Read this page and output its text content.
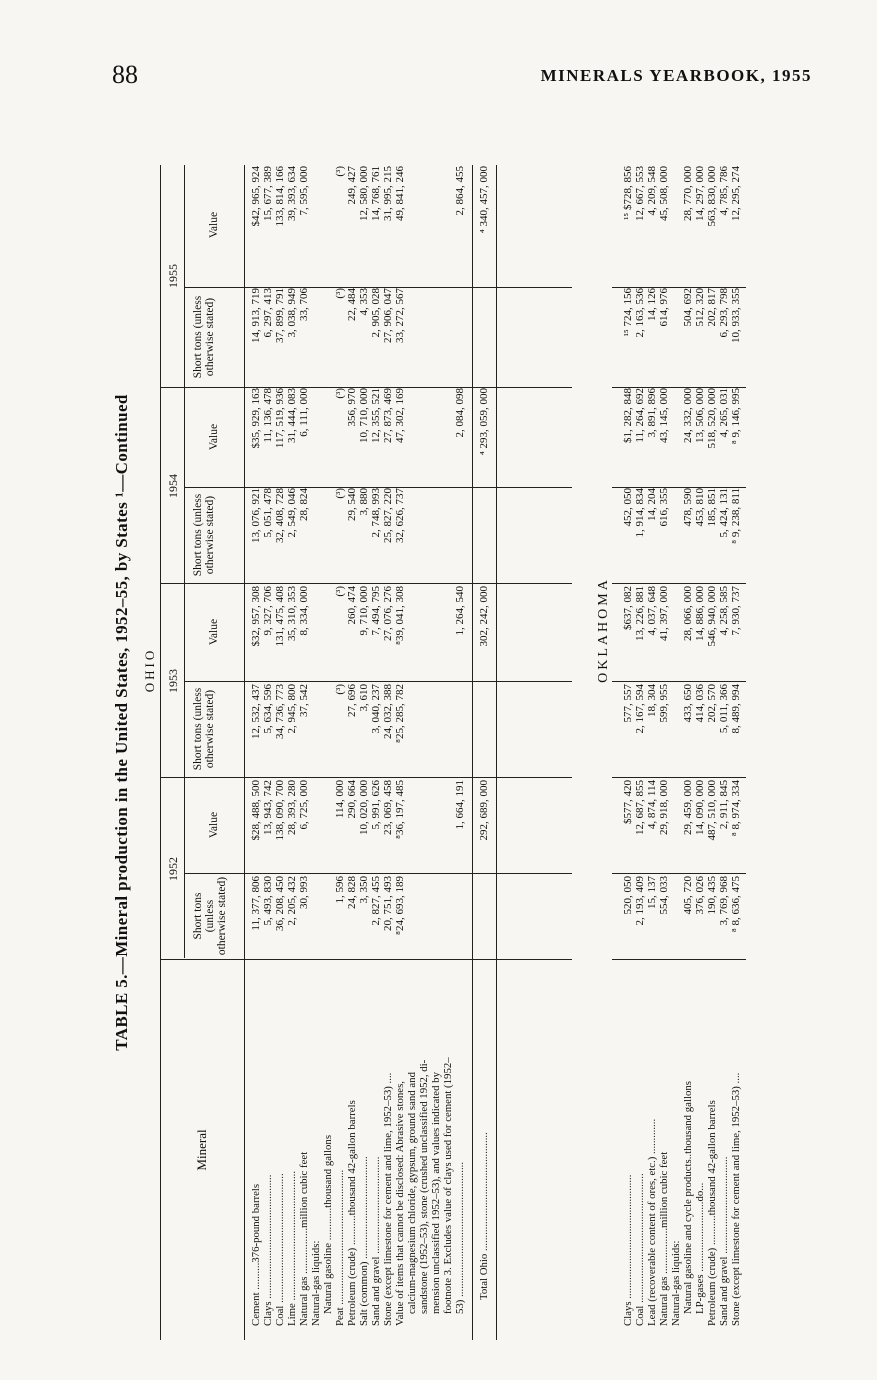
88	MINERALS YEARBOOK, 1955
TABLE 5.—Mineral production in the United States, 1952–55, by States ¹—Continued OHIO
Mineral
1952
1953
1954
1955
Short tons (unless otherwise stated)
Value
Short tons (unless otherwise stated)
Value
Short tons (unless otherwise stated)
Value
Short tons (unless otherwise stated)
Value
Cement ..........376-pound barrels
11, 377, 806
$28, 488, 500
12, 532, 437
$32, 957, 308
13, 076, 921
$35, 929, 163
14, 913, 719
$42, 965, 924
Clays ..............................................
5, 493, 830
13, 943, 742
5, 634, 596
9, 327, 706
5, 051, 478
11, 136, 478
6, 297, 413
15, 677, 389
Coal ................................................
36, 208, 450
138, 090, 700
34, 736, 773
131, 475, 408
32, 408, 728
117, 519, 936
37, 899, 791
133, 814, 166
Lime ................................................
2, 205, 432
28, 393, 280
2, 945, 800
35, 310, 353
2, 549, 046
31, 444, 083
3, 038, 949
39, 393, 634
Natural gas .................million cubic feet
30, 993
6, 725, 000
37, 542
8, 334, 000
28, 824
6, 111, 000
33, 706
7, 595, 000
Natural-gas liquids: Natural gasoline ............thousand gallons Peat ..................................................
1, 596
114, 000
(³)
(³)
(³)
(³)
(³)
(³)
Petroleum (crude) ...........thousand 42-gallon barrels
24, 828
290, 664
27, 696
260, 474
29, 540
356, 970
22, 484
249, 427
Salt (common) ......................................
3, 350
10, 020, 000
3, 610
9, 710, 000
3, 880
10, 710, 000
4, 353
12, 580, 000
Sand and gravel ....................................
2, 827, 455
5, 991, 626
3, 040, 237
7, 494, 795
2, 748, 993
12, 355, 521
2, 905, 028
14, 768, 761
Stone (except limestone for cement and lime, 1952–53) ....
20, 751, 493
23, 069, 458
24, 032, 388
27, 076, 276
25, 827, 220
27, 873, 469
27, 906, 047
31, 995, 215
Value of items that cannot be disclosed: Abrasive stones,
⁸24, 693, 189
⁸36, 197, 485
⁸25, 285, 782
⁸39, 041, 308
32, 626, 737
47, 302, 169
33, 272, 567
49, 841, 246
calcium-magnesium chloride, gypsum, ground sand and sandstone (1952–53), stone (crushed unclassified 1952, di- mension unclassified 1952–53), and values indicated by footnote 3. Excludes value of clays used for cement (1952– 53) ..................................................
1, 664, 191
1, 264, 540
2, 084, 098
2, 864, 455
Total Ohio ............................................
292, 689, 000
302, 242, 000
⁴ 293, 059, 000
⁴ 340, 457, 000
OKLAHOMA
Clays ..............................................
520, 050
$577, 420
577, 557
$637, 082
452, 050
$1, 282, 848
¹⁵ 724, 156
¹⁵ $728, 856
Coal ................................................
2, 193, 409
12, 687, 855
2, 167, 594
13, 226, 881
1, 914, 834
11, 264, 692
2, 163, 536
12, 667, 553
Lead (recoverable content of ores, etc.) .............
15, 137
4, 874, 114
18, 304
4, 037, 648
14, 204
3, 891, 896
14, 126
4, 209, 548
Natural gas .................million cubic feet
554, 033
29, 918, 000
599, 955
41, 397, 000
616, 355
43, 145, 000
614, 976
45, 508, 000
Natural-gas liquids: Natural gasoline and cycle products..thousand gallons
405, 720
29, 459, 000
433, 650
28, 066, 000
478, 590
24, 332, 000
504, 692
28, 770, 000
LP-gases ..........................do...
376, 026
14, 090, 000
414, 036
14, 886, 000
453, 810
13, 506, 000
512, 320
14, 297, 000
Petroleum (crude) ...........thousand 42-gallon barrels
190, 435
487, 510, 000
202, 570
546, 940, 000
185, 851
518, 520, 000
202, 817
563, 830, 000
Sand and gravel ....................................
3, 769, 968
2, 911, 845
5, 011, 366
4, 258, 585
5, 424, 131
4, 265, 031
6, 293, 798
4, 785, 786
Stone (except limestone for cement and lime, 1952–53) ....
⁸ 8, 636, 475
⁸ 8, 974, 334
8, 489, 994
7, 930, 737
⁸ 9, 238, 811
⁸ 9, 146, 995
10, 933, 355
12, 295, 274
